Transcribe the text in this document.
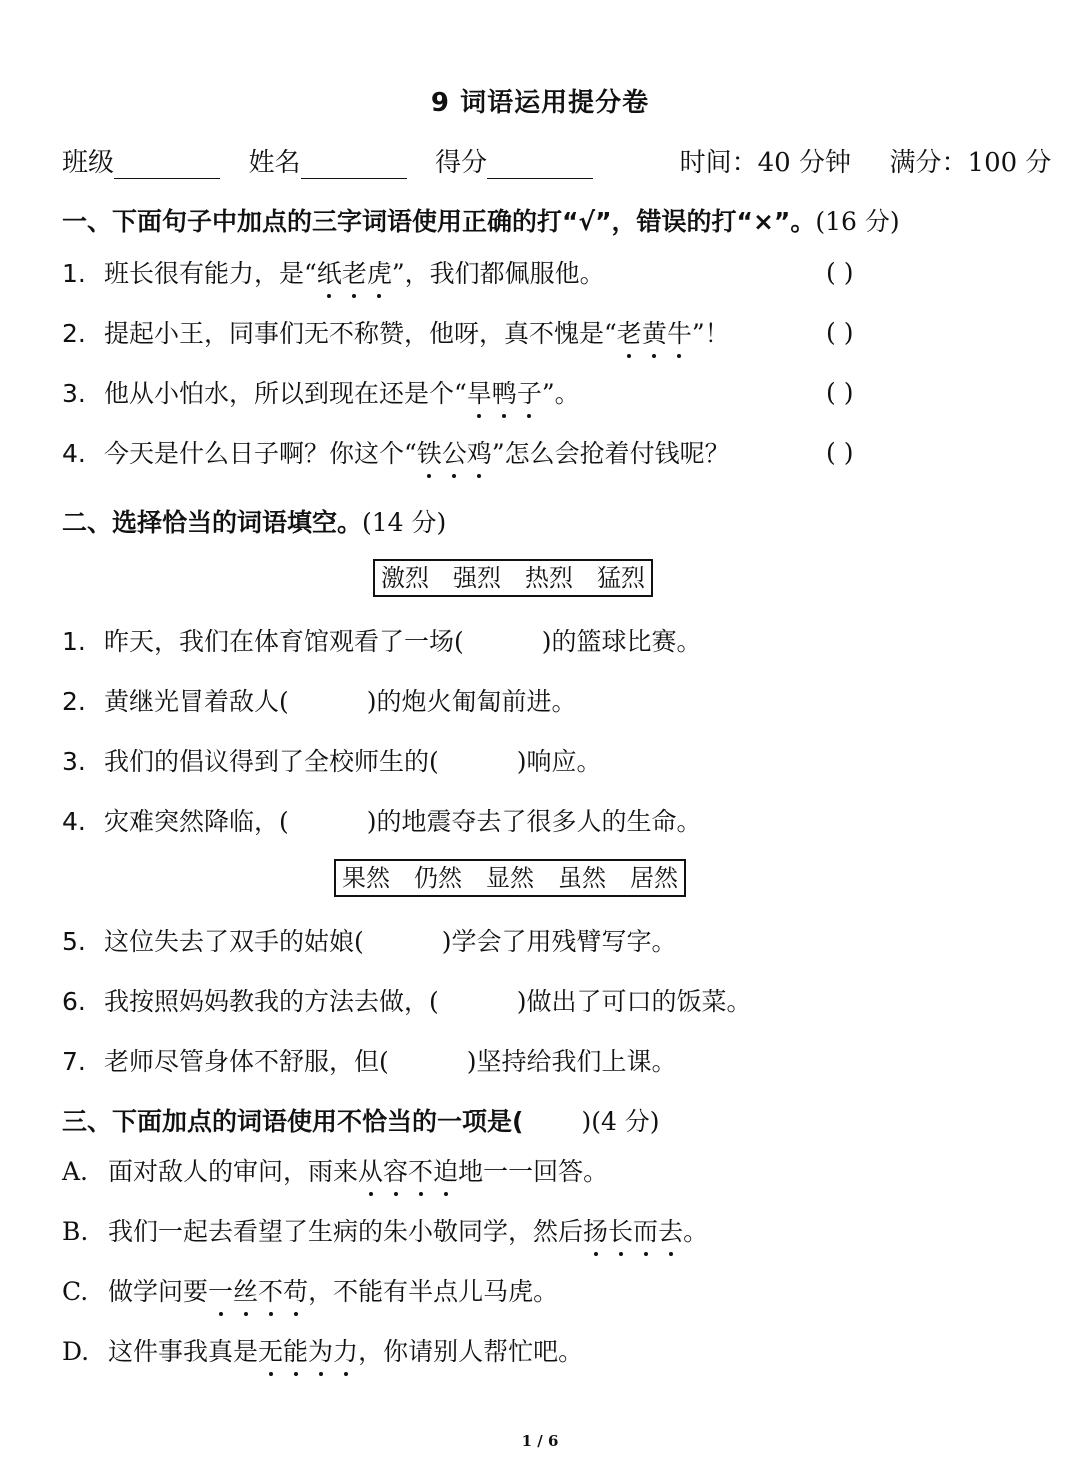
9 词语运用提分卷
班级	姓名	得分	时间：40 分钟 满分：100 分
一、下面句子中加点的三字词语使用正确的打“√”，错误的打“×”。(16 分)
1. 班长很有能力，是“纸老虎”，我们都佩服他。	( )
2. 提起小王，同事们无不称赞，他呀，真不愧是“老黄牛”！	( )
3. 他从小怕水，所以到现在还是个“旱鸭子”。	( )
4. 今天是什么日子啊？你这个“铁公鸡”怎么会抢着付钱呢？	( )
二、选择恰当的词语填空。(14 分)
激烈 强烈 热烈 猛烈
1. 昨天，我们在体育馆观看了一场(	)的篮球比赛。
2. 黄继光冒着敌人(	)的炮火匍匐前进。
3. 我们的倡议得到了全校师生的(	)响应。
4. 灾难突然降临，(	)的地震夺去了很多人的生命。
果然 仍然 显然 虽然 居然
5. 这位失去了双手的姑娘(	)学会了用残臂写字。
6. 我按照妈妈教我的方法去做，(	)做出了可口的饭菜。
7. 老师尽管身体不舒服，但(	)坚持给我们上课。
三、下面加点的词语使用不恰当的一项是( )(4 分)
A. 面对敌人的审问，雨来从容不迫地一一回答。
B. 我们一起去看望了生病的朱小敬同学，然后扬长而去。
C. 做学问要一丝不苟，不能有半点儿马虎。
D. 这件事我真是无能为力，你请别人帮忙吧。
1 / 6
